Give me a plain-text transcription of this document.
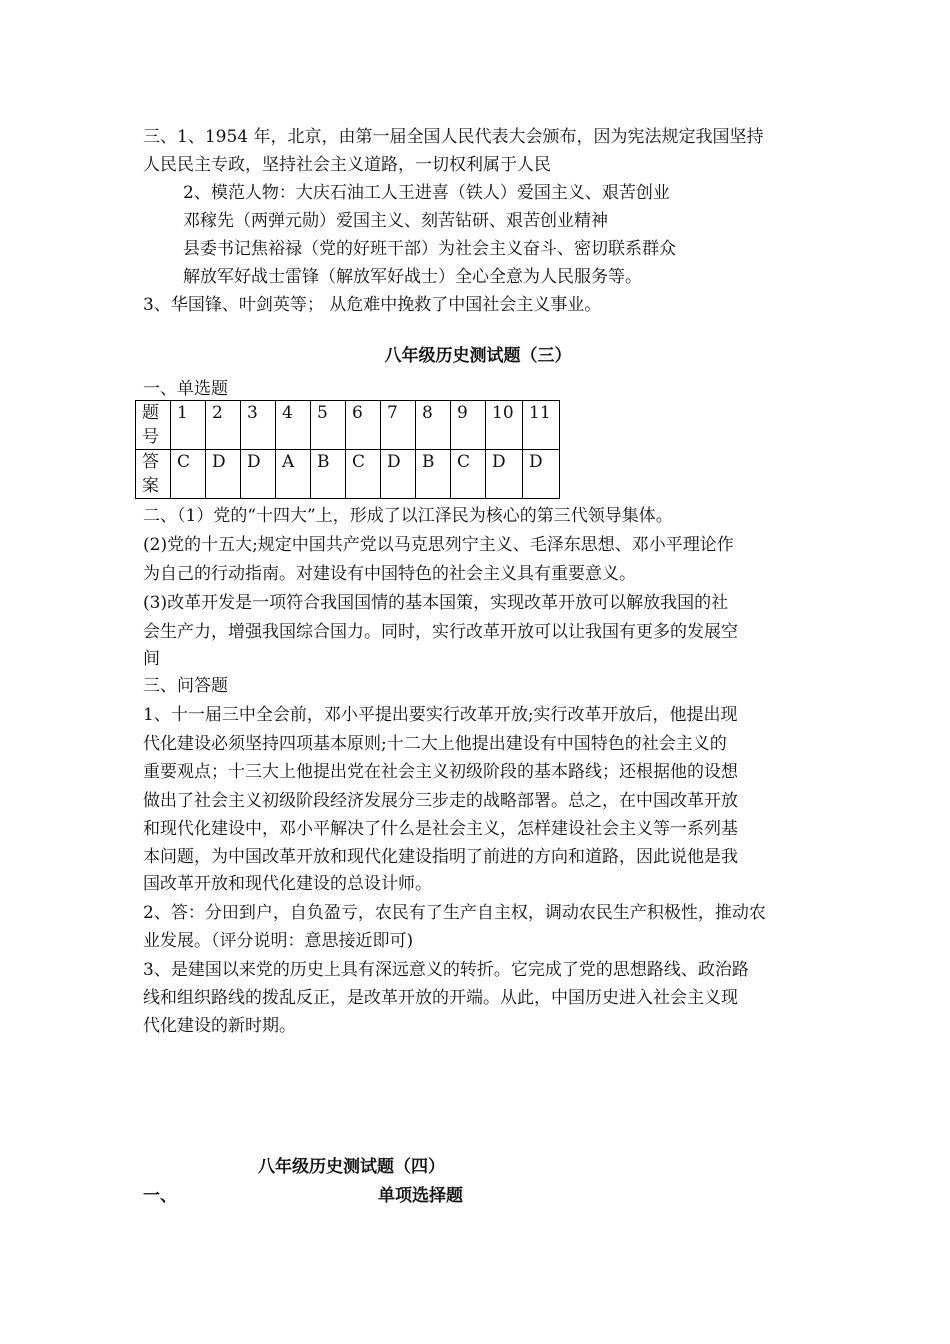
三、1、1954 年，北京，由第一届全国人民代表大会颁布，因为宪法规定我国坚持
人民民主专政，坚持社会主义道路，一切权利属于人民
2、模范人物：大庆石油工人王进喜（铁人）爱国主义、艰苦创业
邓稼先（两弹元勋）爱国主义、刻苦钻研、艰苦创业精神
县委书记焦裕禄（党的好班干部）为社会主义奋斗、密切联系群众
解放军好战士雷锋（解放军好战士）全心全意为人民服务等。
3、华国锋、叶剑英等； 从危难中挽救了中国社会主义事业。
八年级历史测试题（三）
一、单选题
题
号	1	2	3	4	5	6	7	8	9	10	11
答
案	C	D	D	A	B	C	D	B	C	D	D
二、（1）党的“十四大”上，形成了以江泽民为核心的第三代领导集体。
(2)党的十五大;规定中国共产党以马克思列宁主义、毛泽东思想、邓小平理论作
为自己的行动指南。对建设有中国特色的社会主义具有重要意义。
(3)改革开发是一项符合我国国情的基本国策，实现改革开放可以解放我国的社
会生产力，增强我国综合国力。同时，实行改革开放可以让我国有更多的发展空
间
三、问答题
1、十一届三中全会前，邓小平提出要实行改革开放;实行改革开放后，他提出现
代化建设必须坚持四项基本原则;十二大上他提出建设有中国特色的社会主义的
重要观点；十三大上他提出党在社会主义初级阶段的基本路线；还根据他的设想
做出了社会主义初级阶段经济发展分三步走的战略部署。总之，在中国改革开放
和现代化建设中，邓小平解决了什么是社会主义，怎样建设社会主义等一系列基
本问题，为中国改革开放和现代化建设指明了前进的方向和道路，因此说他是我
国改革开放和现代化建设的总设计师。
2、答：分田到户，自负盈亏，农民有了生产自主权，调动农民生产积极性，推动农
业发展。（评分说明：意思接近即可)
3、是建国以来党的历史上具有深远意义的转折。它完成了党的思想路线、政治路
线和组织路线的拨乱反正，是改革开放的开端。从此，中国历史进入社会主义现
代化建设的新时期。
八年级历史测试题（四）
一、	单项选择题
